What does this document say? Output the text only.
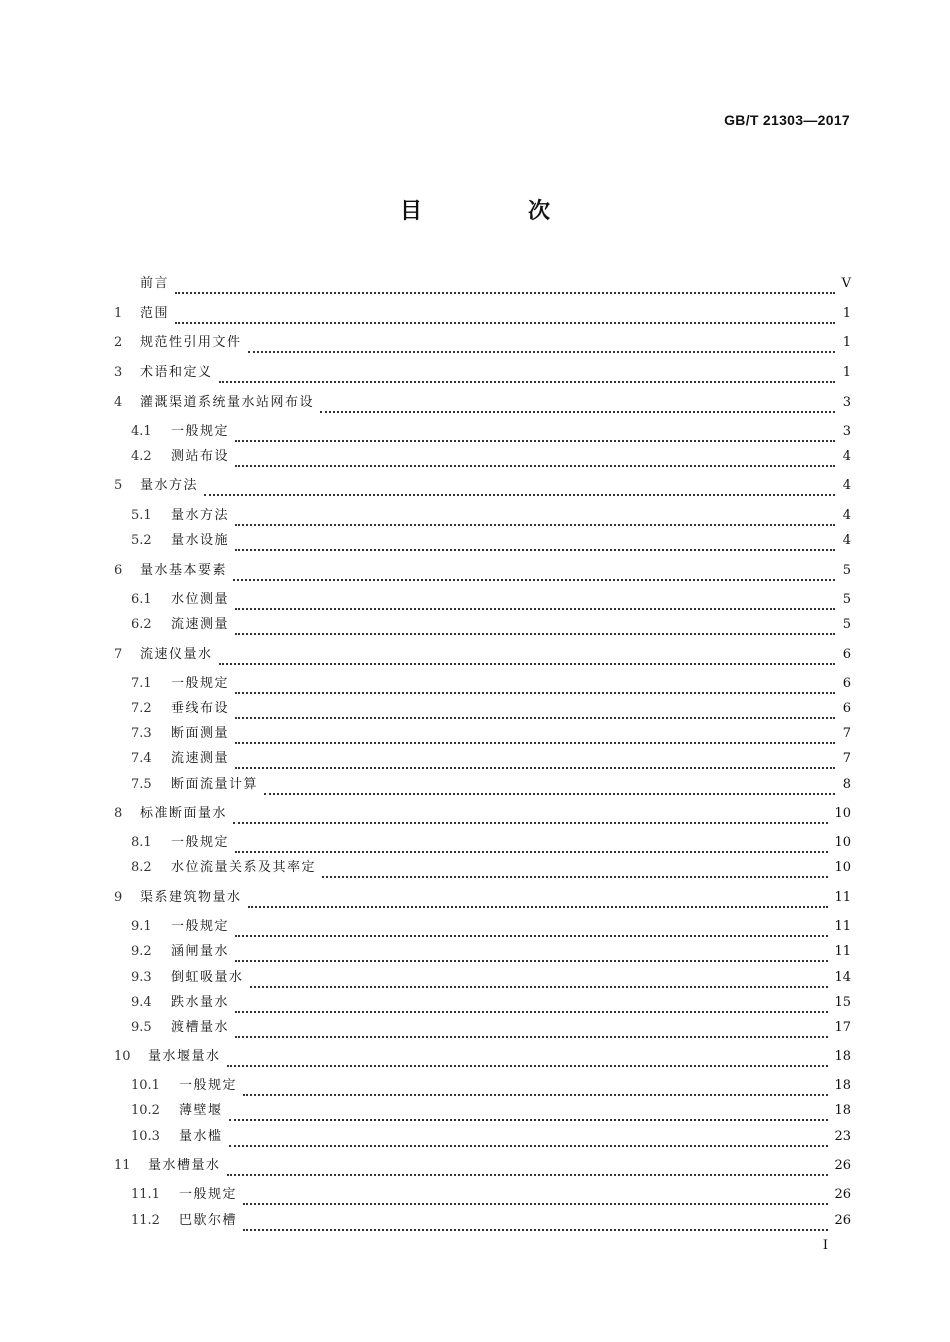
GB/T 21303—2017
目　次
前言	V
1	范围	1
2	规范性引用文件	1
3	术语和定义	1
4	灌溉渠道系统量水站网布设	3
4.1	一般规定	3
4.2	测站布设	4
5	量水方法	4
5.1	量水方法	4
5.2	量水设施	4
6	量水基本要素	5
6.1	水位测量	5
6.2	流速测量	5
7	流速仪量水	6
7.1	一般规定	6
7.2	垂线布设	6
7.3	断面测量	7
7.4	流速测量	7
7.5	断面流量计算	8
8	标准断面量水	10
8.1	一般规定	10
8.2	水位流量关系及其率定	10
9	渠系建筑物量水	11
9.1	一般规定	11
9.2	涵闸量水	11
9.3	倒虹吸量水	14
9.4	跌水量水	15
9.5	渡槽量水	17
10	量水堰量水	18
10.1	一般规定	18
10.2	薄壁堰	18
10.3	量水槛	23
11	量水槽量水	26
11.1	一般规定	26
11.2	巴歇尔槽	26
I
